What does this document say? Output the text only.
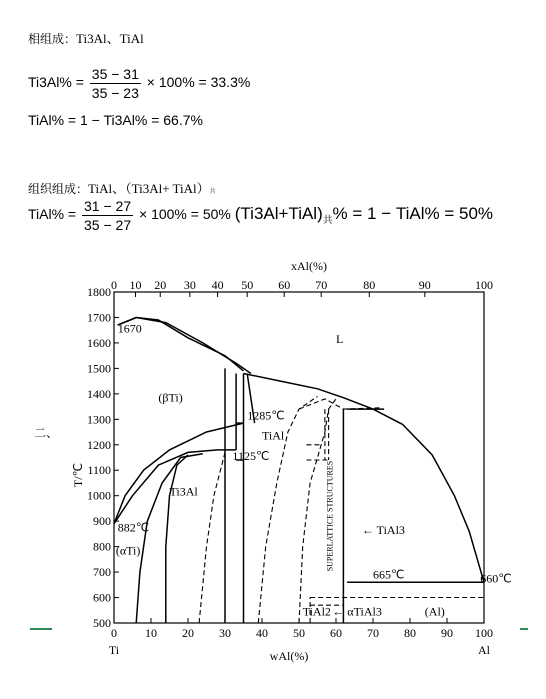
相组成：Ti3Al、TiAl
$Ti3Al\% = \frac{35 - 31}{35 - 23} \times 100\% = 33.3\%$
TiAl% = 1 − Ti3Al% = 66.7%
组织组成：TiAl、（Ti3Al+ TiAl）共
TiAl% = $\frac{31 - 27}{35 - 27} \times 100\% = 50\%$ $(Ti3Al+TiAl)_共\% = 1$ − TiAl% = 50%
二、
500
600
700
800
900
1000
1100
1200
1300
1400
1500
1600
1700
1800
0 10 20 30 40 50 60 70 80 90 100
0 10 20 30 40 50 60 70	80	90	100
xAl(%)
wAl(%)
T/℃
Ti	Al
1670
L
(βTi)
1285℃
TiAl
1125℃
Ti3Al
882℃
(αTi)
← TiAl3
665℃	660℃
TiAl2 ← αTiAl3	(Al)
SUPERLATTICE STRUCTURES
